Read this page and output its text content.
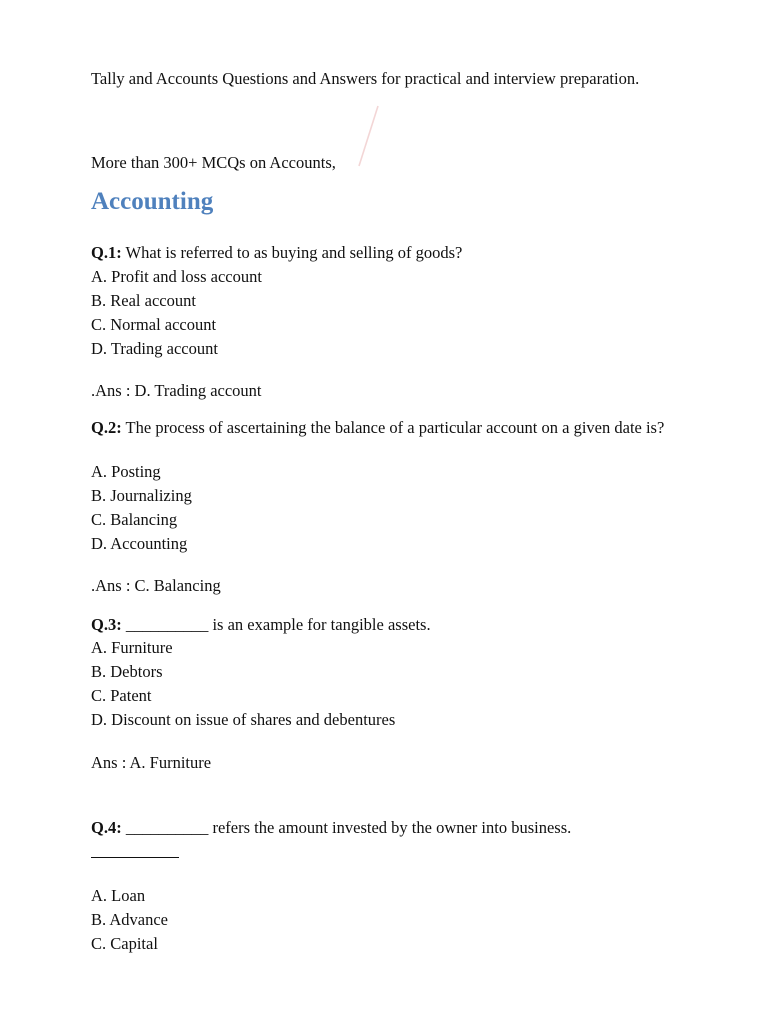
Tally and Accounts Questions and Answers for practical and interview preparation.
More than 300+ MCQs on Accounts,
Accounting
Q.1: What is referred to as buying and selling of goods?
A. Profit and loss account
B. Real account
C. Normal account
D. Trading account
.Ans : D. Trading account
Q.2: The process of ascertaining the balance of a particular account on a given date is?
A. Posting
B. Journalizing
C. Balancing
D. Accounting
.Ans : C. Balancing
Q.3: __________ is an example for tangible assets.
A. Furniture
B. Debtors
C. Patent
D. Discount on issue of shares and debentures
Ans : A. Furniture
Q.4: __________ refers the amount invested by the owner into business.
A. Loan
B. Advance
C. Capital
